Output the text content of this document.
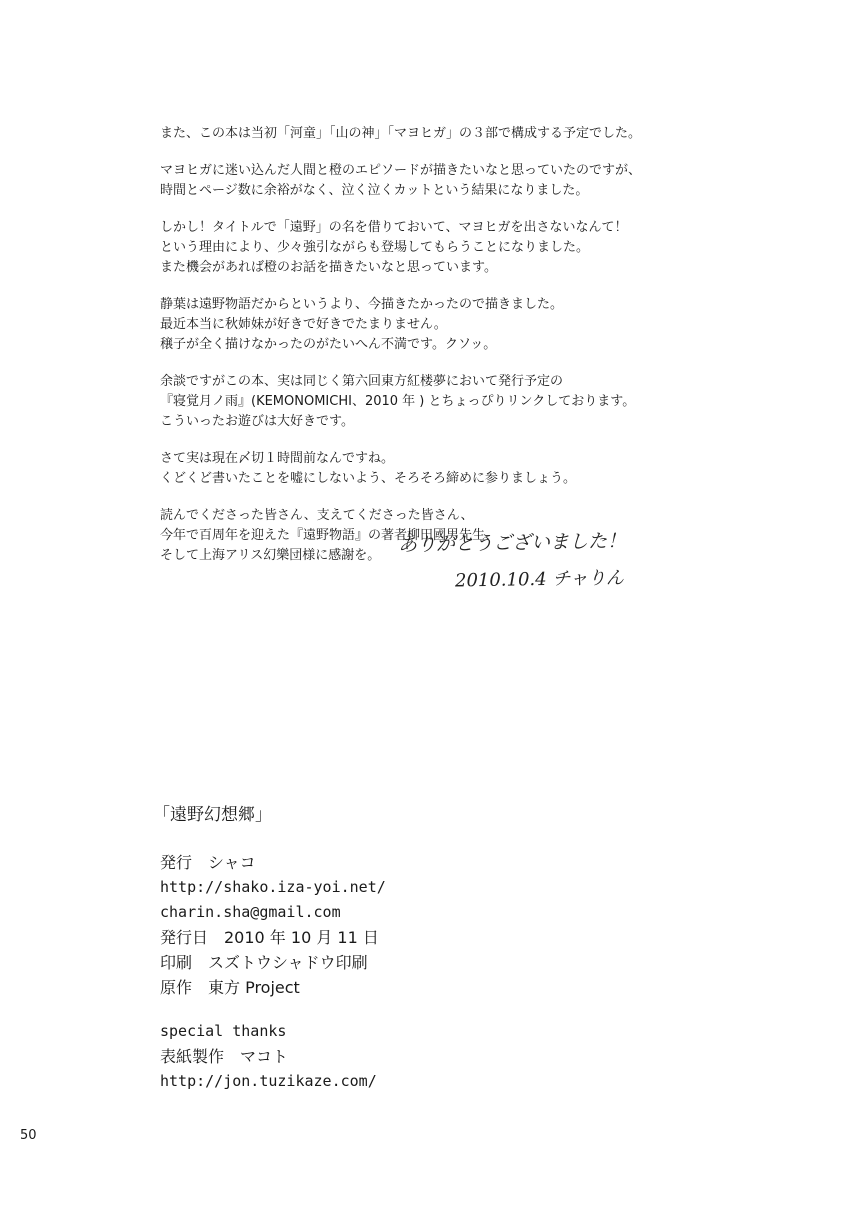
また、この本は当初「河童」「山の神」「マヨヒガ」の３部で構成する予定でした。
マヨヒガに迷い込んだ人間と橙のエピソードが描きたいなと思っていたのですが、
時間とページ数に余裕がなく、泣く泣くカットという結果になりました。
しかし！タイトルで「遠野」の名を借りておいて、マヨヒガを出さないなんて！
という理由により、少々強引ながらも登場してもらうことになりました。
また機会があれば橙のお話を描きたいなと思っています。
静葉は遠野物語だからというより、今描きたかったので描きました。
最近本当に秋姉妹が好きで好きでたまりません。
穣子が全く描けなかったのがたいへん不満です。クソッ。
余談ですがこの本、実は同じく第六回東方紅楼夢において発行予定の
『寝覚月ノ雨』(KEMONOMICHI、2010 年 ) とちょっぴりリンクしております。
こういったお遊びは大好きです。
さて実は現在〆切１時間前なんですね。
くどくど書いたことを嘘にしないよう、そろそろ締めに参りましょう。
読んでくださった皆さん、支えてくださった皆さん、
今年で百周年を迎えた『遠野物語』の著者柳田國男先生、
そして上海アリス幻樂団様に感謝を。 ありがとうございました！
2010.10.4 チャりん
「遠野幻想郷」
発行　シャコ
http://shako.iza-yoi.net/
charin.sha@gmail.com
発行日　2010 年 10 月 11 日
印刷　スズトウシャドウ印刷
原作　東方 Project
special thanks
表紙製作　マコト
http://jon.tuzikaze.com/
50
